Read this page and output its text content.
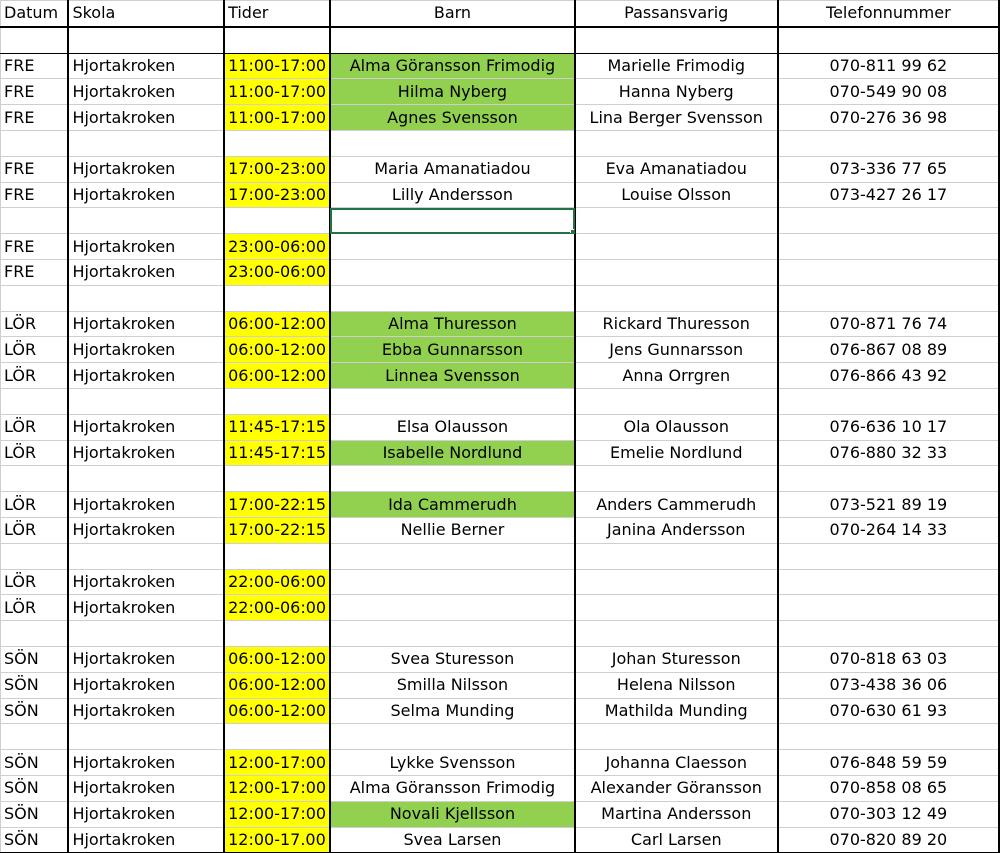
Datum	Skola	Tider	Barn	Passansvarig	Telefonnummer

FRE	Hjortakroken	11:00-17:00	Alma Göransson Frimodig	Marielle Frimodig	070-811 99 62
FRE	Hjortakroken	11:00-17:00	Hilma Nyberg	Hanna Nyberg	070-549 90 08
FRE	Hjortakroken	11:00-17:00	Agnes Svensson	Lina Berger Svensson	070-276 36 98

FRE	Hjortakroken	17:00-23:00	Maria Amanatiadou	Eva Amanatiadou	073-336 77 65
FRE	Hjortakroken	17:00-23:00	Lilly Andersson	Louise Olsson	073-427 26 17

FRE	Hjortakroken	23:00-06:00			
FRE	Hjortakroken	23:00-06:00			

LÖR	Hjortakroken	06:00-12:00	Alma Thuresson	Rickard Thuresson	070-871 76 74
LÖR	Hjortakroken	06:00-12:00	Ebba Gunnarsson	Jens Gunnarsson	076-867 08 89
LÖR	Hjortakroken	06:00-12:00	Linnea Svensson	Anna Orrgren	076-866 43 92

LÖR	Hjortakroken	11:45-17:15	Elsa Olausson	Ola Olausson	076-636 10 17
LÖR	Hjortakroken	11:45-17:15	Isabelle Nordlund	Emelie Nordlund	076-880 32 33

LÖR	Hjortakroken	17:00-22:15	Ida Cammerudh	Anders Cammerudh	073-521 89 19
LÖR	Hjortakroken	17:00-22:15	Nellie Berner	Janina Andersson	070-264 14 33

LÖR	Hjortakroken	22:00-06:00			
LÖR	Hjortakroken	22:00-06:00			

SÖN	Hjortakroken	06:00-12:00	Svea Sturesson	Johan Sturesson	070-818 63 03
SÖN	Hjortakroken	06:00-12:00	Smilla Nilsson	Helena Nilsson	073-438 36 06
SÖN	Hjortakroken	06:00-12:00	Selma Munding	Mathilda Munding	070-630 61 93

SÖN	Hjortakroken	12:00-17:00	Lykke Svensson	Johanna Claesson	076-848 59 59
SÖN	Hjortakroken	12:00-17:00	Alma Göransson Frimodig	Alexander Göransson	070-858 08 65
SÖN	Hjortakroken	12:00-17:00	Novali Kjellsson	Martina Andersson	070-303 12 49
SÖN	Hjortakroken	12:00-17.00	Svea Larsen	Carl Larsen	070-820 89 20
